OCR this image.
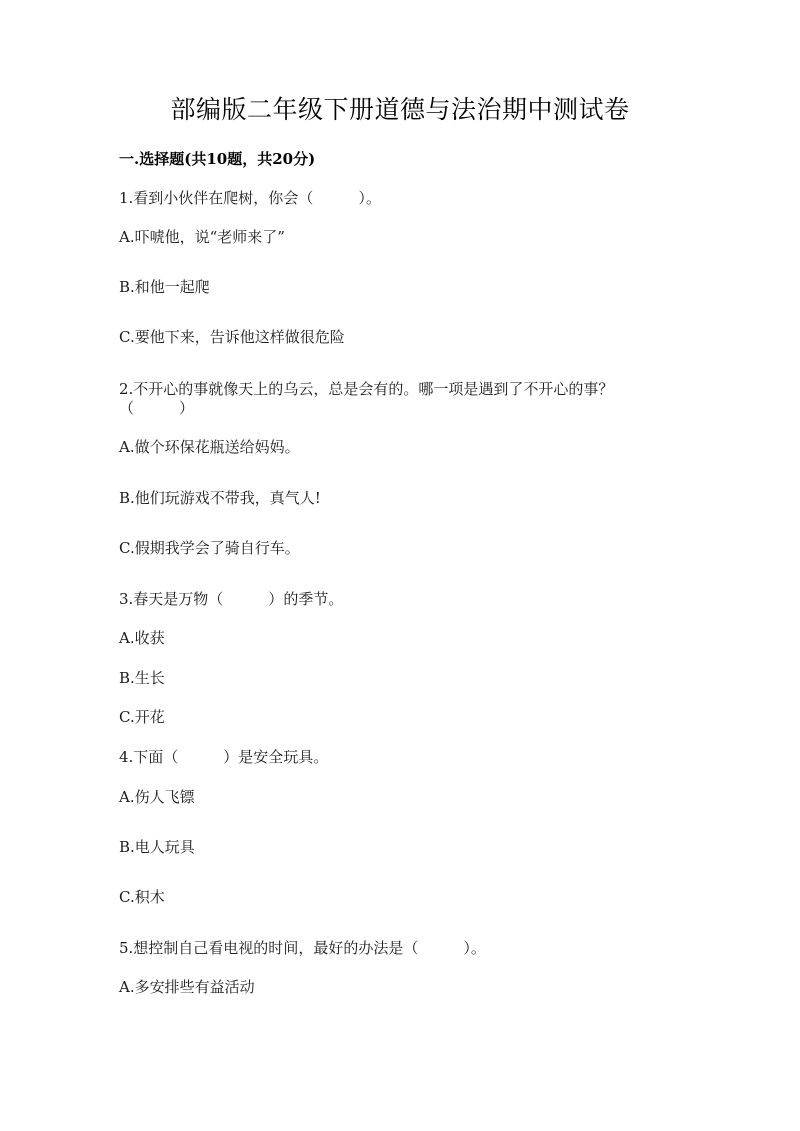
部编版二年级下册道德与法治期中测试卷
一.选择题(共10题，共20分)
1.看到小伙伴在爬树，你会（　　　）。
A.吓唬他，说“老师来了”
B.和他一起爬
C.要他下来，告诉他这样做很危险
2.不开心的事就像天上的乌云，总是会有的。哪一项是遇到了不开心的事？
（　　　）
A.做个环保花瓶送给妈妈。
B.他们玩游戏不带我，真气人!
C.假期我学会了骑自行车。
3.春天是万物（　　　）的季节。
A.收获
B.生长
C.开花
4.下面（　　　）是安全玩具。
A.伤人飞镖
B.电人玩具
C.积木
5.想控制自己看电视的时间，最好的办法是（　　　）。
A.多安排些有益活动
